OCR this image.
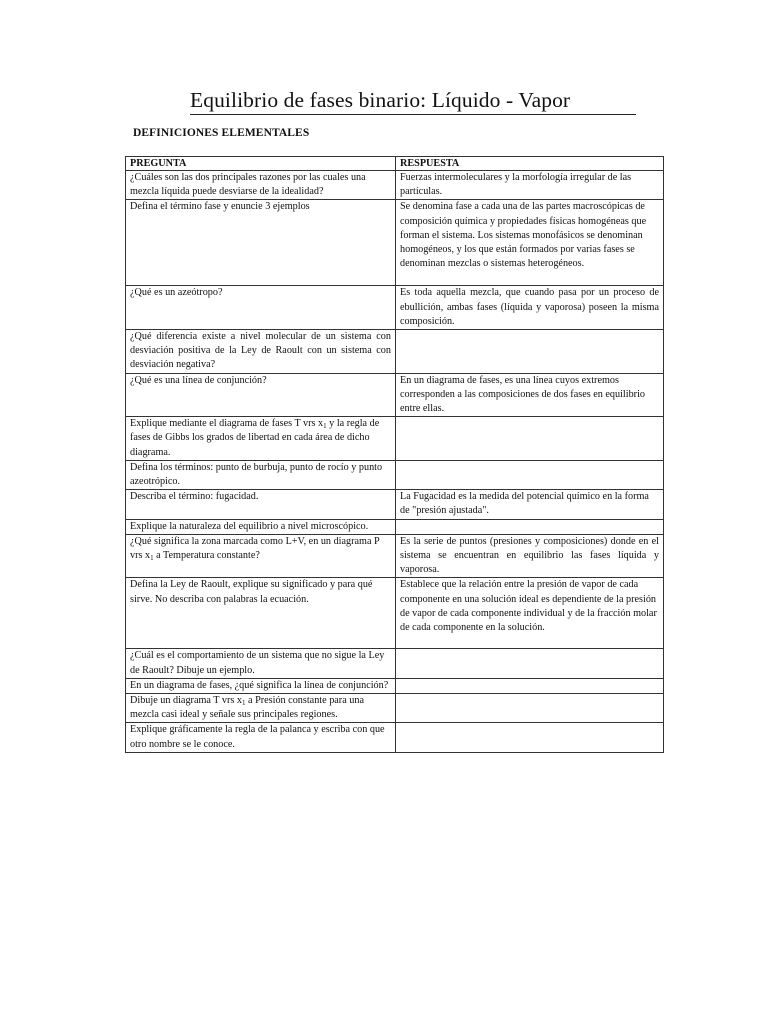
Equilibrio de fases binario: Líquido - Vapor
DEFINICIONES ELEMENTALES
PREGUNTA	RESPUESTA
¿Cuáles son las dos principales razones por las cuales una mezcla líquida puede desviarse de la idealidad?	Fuerzas intermoleculares y la morfología irregular de las partículas.
Defina el término fase y enuncie 3 ejemplos	Se denomina fase a cada una de las partes macroscópicas de composición química y propiedades físicas homogéneas que forman el sistema. Los sistemas monofásicos se denominan homogéneos, y los que están formados por varias fases se denominan mezclas o sistemas heterogéneos.
¿Qué es un azeótropo?	Es toda aquella mezcla, que cuando pasa por un proceso de ebullición, ambas fases (líquida y vaporosa) poseen la misma composición.
¿Qué diferencia existe a nivel molecular de un sistema con desviación positiva de la Ley de Raoult con un sistema con desviación negativa?	
¿Qué es una línea de conjunción?	En un diagrama de fases, es una línea cuyos extremos corresponden a las composiciones de dos fases en equilibrio entre ellas.
Explique mediante el diagrama de fases T vrs $x_1$ y la regla de fases de Gibbs los grados de libertad en cada área de dicho diagrama.	
Defina los términos: punto de burbuja, punto de rocío y punto azeotrópico.	
Describa el término: fugacidad.	La Fugacidad es la medida del potencial químico en la forma de "presión ajustada".
Explique la naturaleza del equilibrio a nivel microscópico.	
¿Qué significa la zona marcada como L+V, en un diagrama P vrs $x_1$ a Temperatura constante?	Es la serie de puntos (presiones y composiciones) donde en el sistema se encuentran en equilibrio las fases líquida y vaporosa.
Defina la Ley de Raoult, explique su significado y para qué sirve. No describa con palabras la ecuación.	Establece que la relación entre la presión de vapor de cada componente en una solución ideal es dependiente de la presión de vapor de cada componente individual y de la fracción molar de cada componente en la solución.
¿Cuál es el comportamiento de un sistema que no sigue la Ley de Raoult? Dibuje un ejemplo.	
En un diagrama de fases, ¿qué significa la línea de conjunción?	
Dibuje un diagrama T vrs $x_1$ a Presión constante para una mezcla casi ideal y señale sus principales regiones.	
Explique gráficamente la regla de la palanca y escriba con que otro nombre se le conoce.	
